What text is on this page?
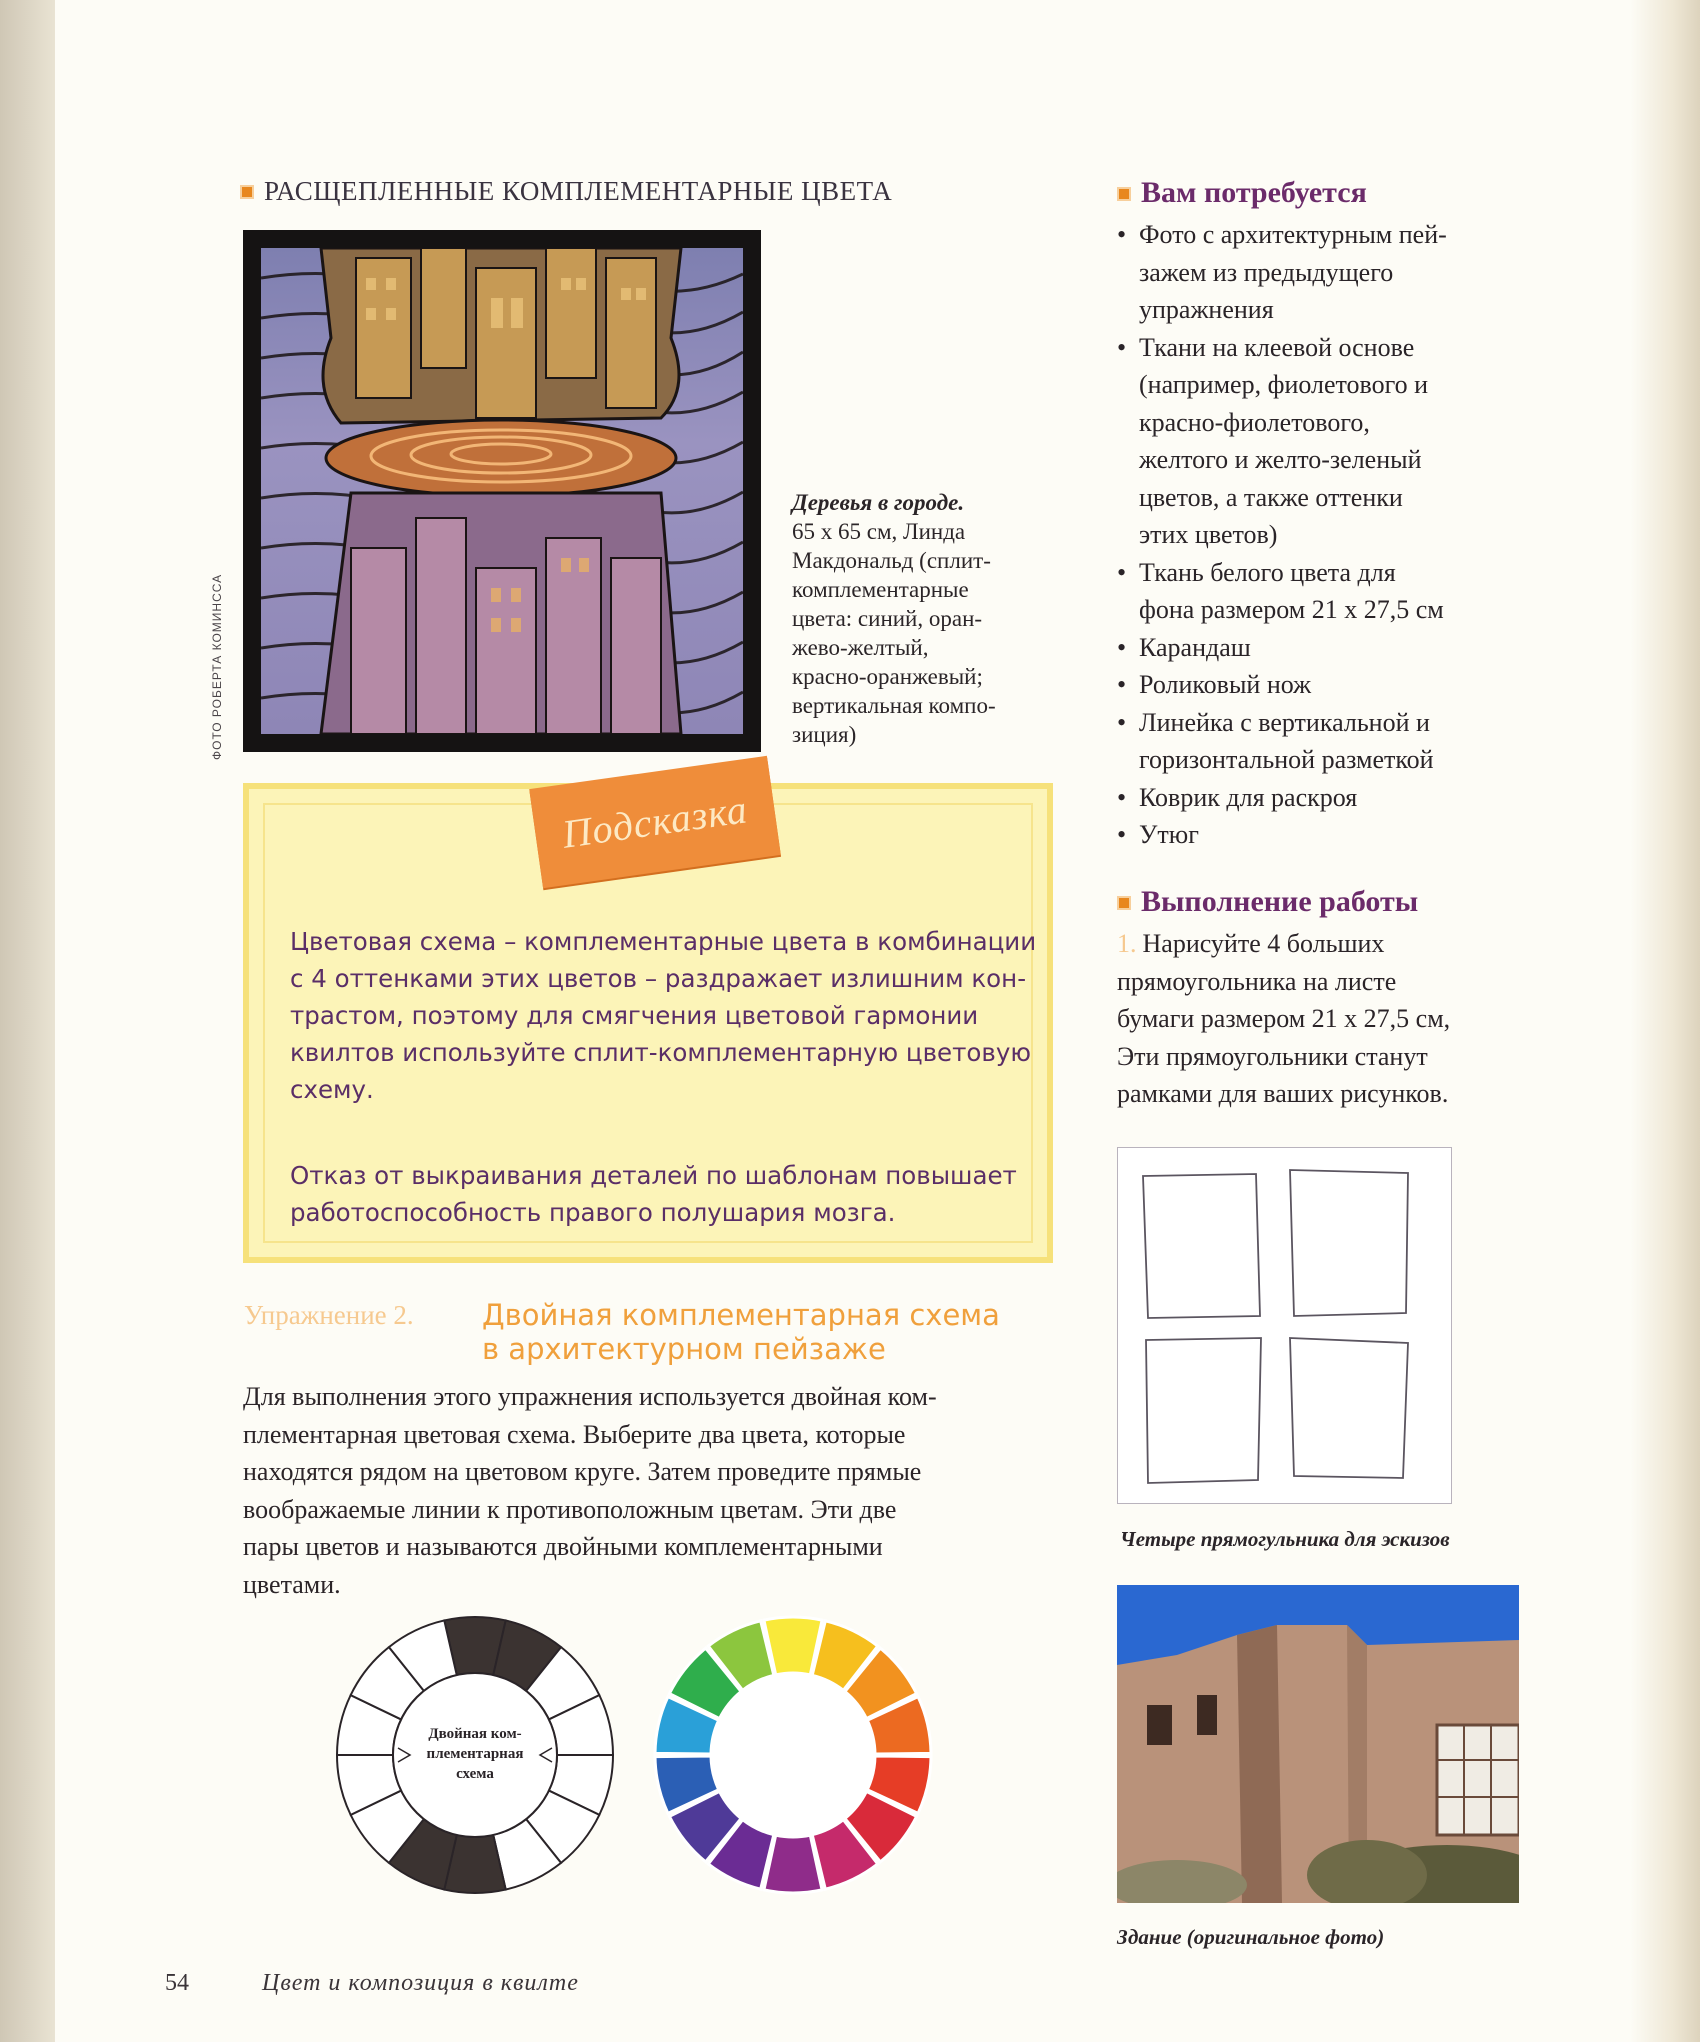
РАСЩЕПЛЕННЫЕ КОМПЛЕМЕНТАРНЫЕ ЦВЕТА
ФОТО РОБЕРТА КОМИНССА
Деревья в городе.
65 x 65 см, Линда
Макдональд (сплит-
комплементарные
цвета: синий, оран-
жево-желтый,
красно-оранжевый;
вертикальная компо-
зиция)
Подсказка
Цветовая схема – комплементарные цвета в комбинации
с 4 оттенками этих цветов – раздражает излишним кон-
трастом, поэтому для смягчения цветовой гармонии
квилтов используйте сплит-комплементарную цветовую
схему.
Отказ от выкраивания деталей по шаблонам повышает
работоспособность правого полушария мозга.
Упражнение 2. Двойная комплементарная схема
в архитектурном пейзаже
Для выполнения этого упражнения используется двойная ком-
плементарная цветовая схема. Выберите два цвета, которые
находятся рядом на цветовом круге. Затем проведите прямые
воображаемые линии к противоположным цветам. Эти две
пары цветов и называются двойными комплементарными
цветами.
Двойная ком-
плементарная
схема
Вам потребуется
• Фото с архитектурным пей-
зажем из предыдущего
упражнения
• Ткани на клеевой основе
(например, фиолетового и
красно-фиолетового,
желтого и желто-зеленый
цветов, а также оттенки
этих цветов)
• Ткань белого цвета для
фона размером 21 x 27,5 см
• Карандаш
• Роликовый нож
• Линейка с вертикальной и
горизонтальной разметкой
• Коврик для раскроя
• Утюг
Выполнение работы
1. Нарисуйте 4 больших
прямоугольника на листе
бумаги размером 21 x 27,5 см,
Эти прямоугольники станут
рамками для ваших рисунков.
Четыре прямогульника для эскизов
Здание (оригинальное фото)
54	Цвет и композиция в квилте
